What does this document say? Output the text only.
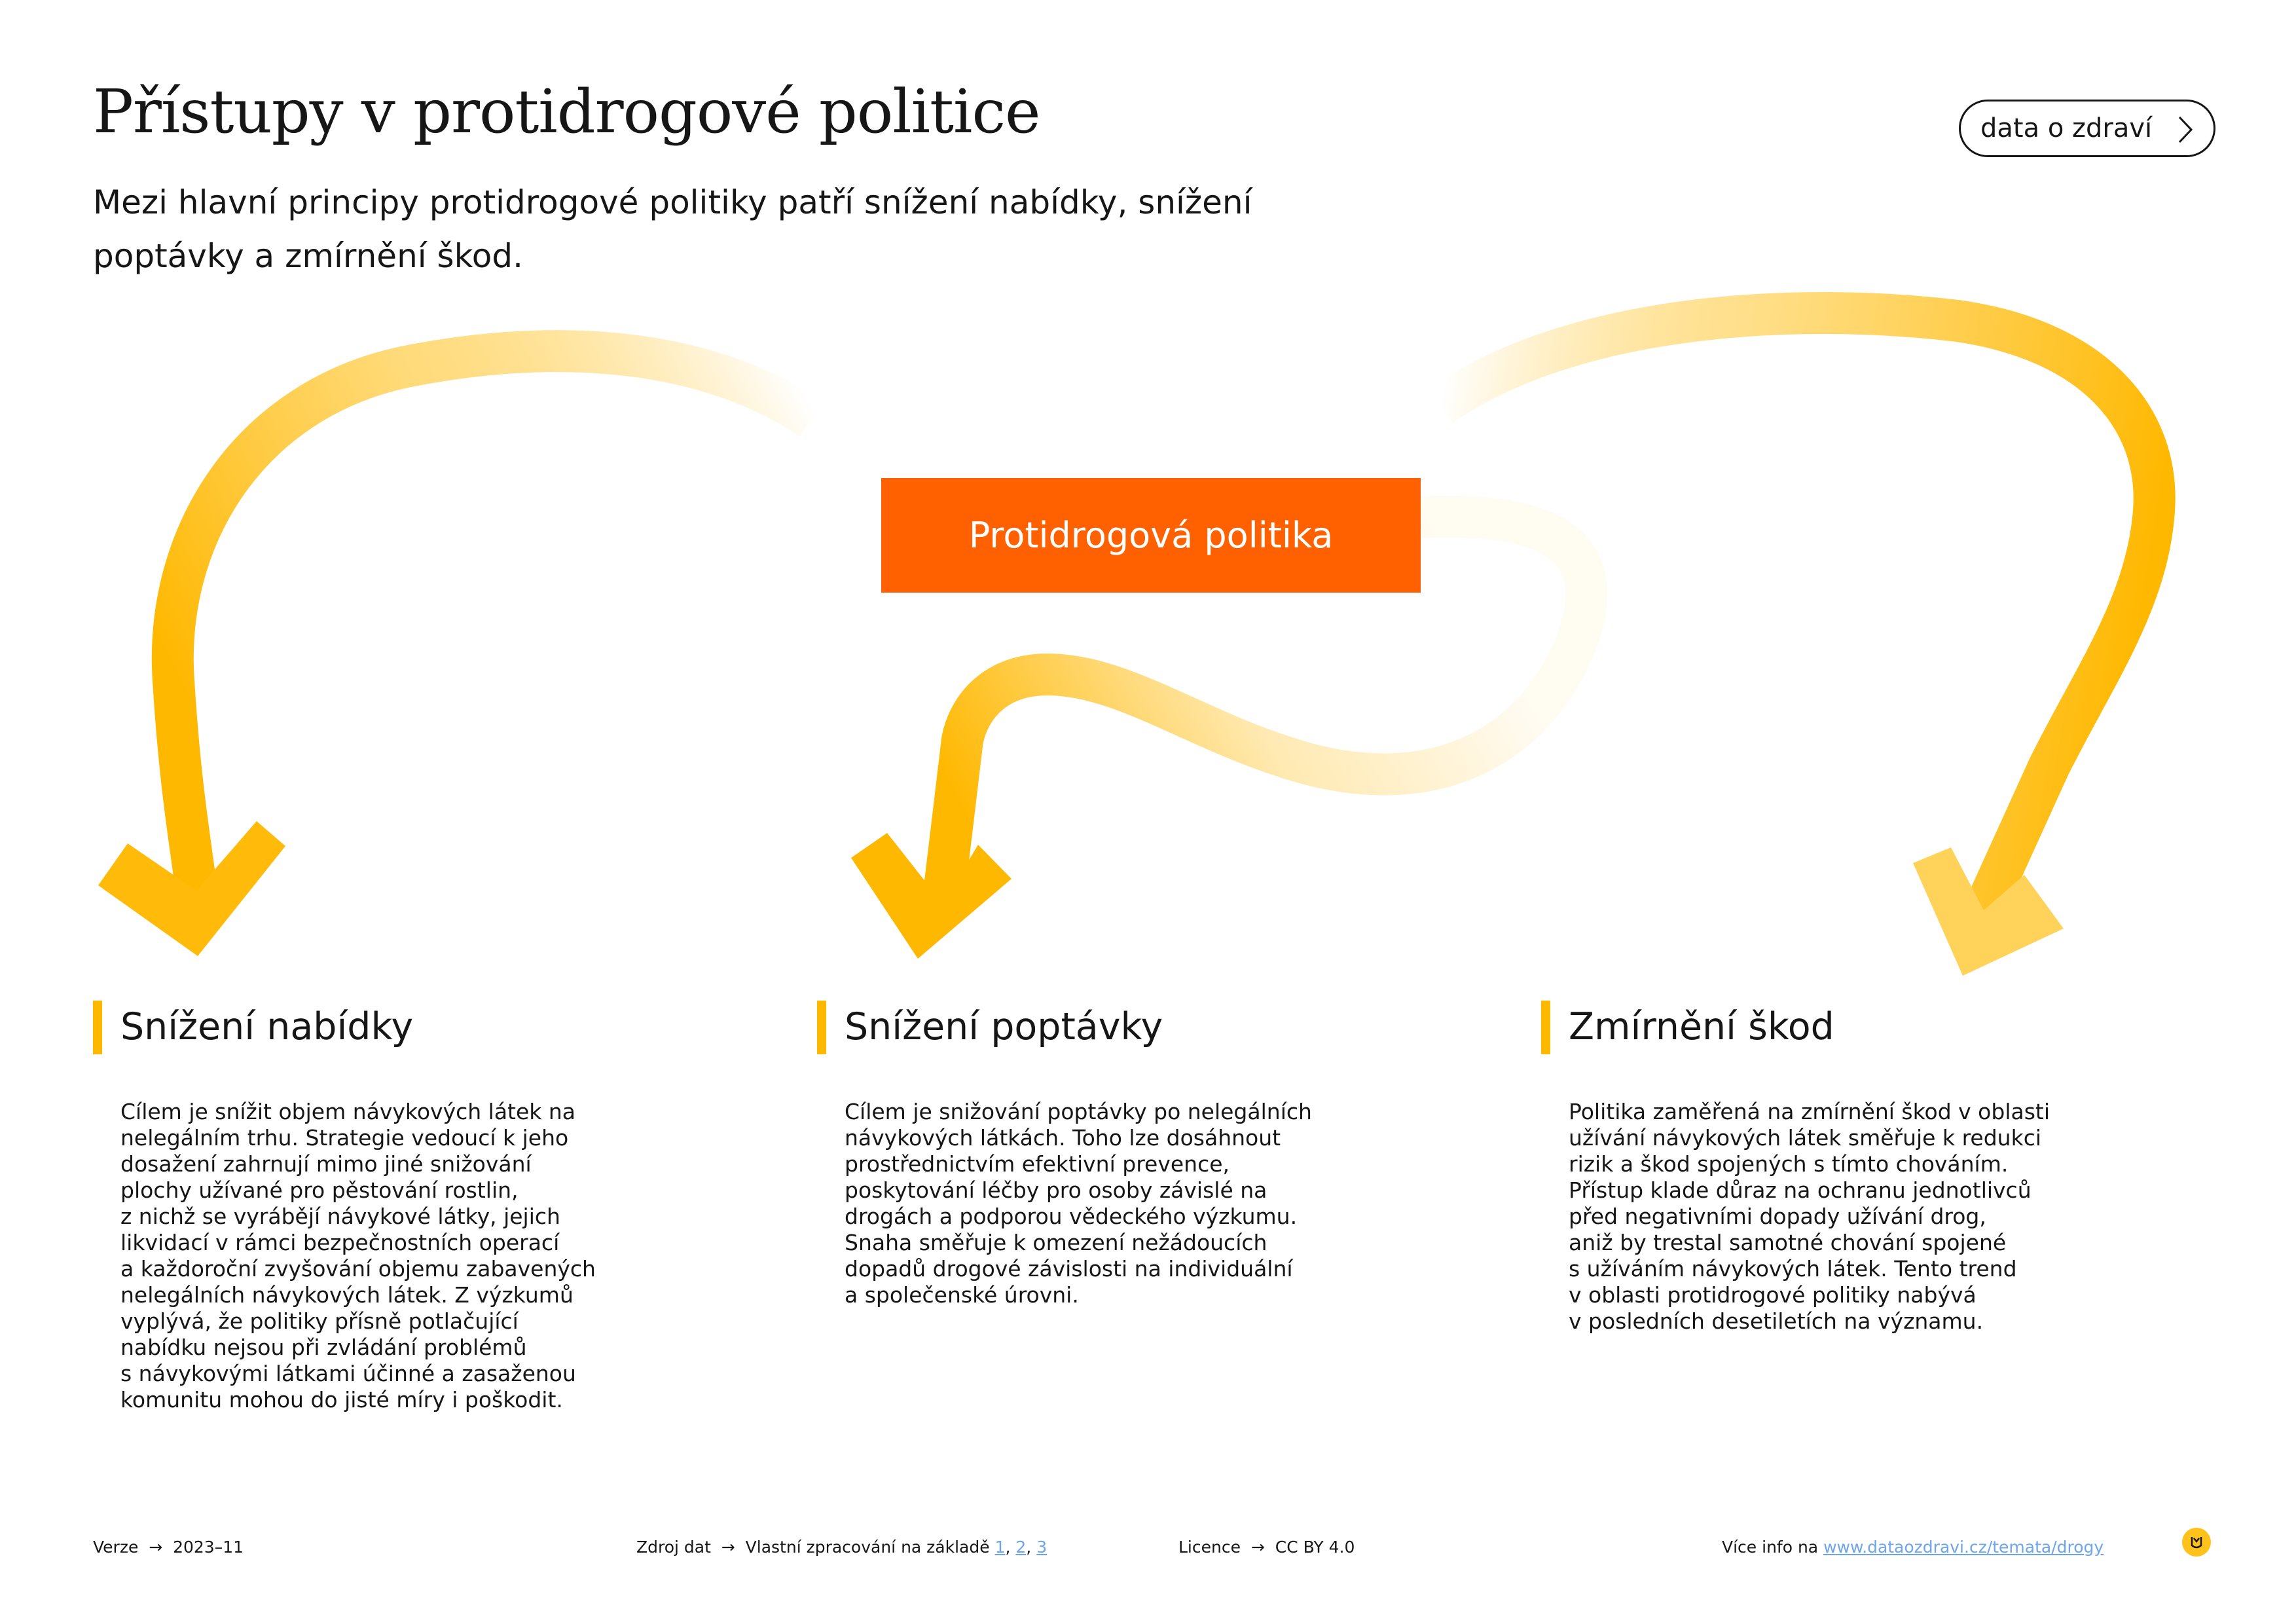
Přístupy v protidrogové politice

Mezi hlavní principy protidrogové politiky patří snížení nabídky, snížení poptávky a zmírnění škod.

data o zdraví
Protidrogová politika
Snížení nabídky

Cílem je snížit objem návykových látek na
nelegálním trhu. Strategie vedoucí k jeho
dosažení zahrnují mimo jiné snižování
plochy užívané pro pěstování rostlin,
z nichž se vyrábějí návykové látky, jejich
likvidací v rámci bezpečnostních operací
a každoroční zvyšování objemu zabavených
nelegálních návykových látek. Z výzkumů
vyplývá, že politiky přísně potlačující
nabídku nejsou při zvládání problémů
s návykovými látkami účinné a zasaženou
komunitu mohou do jisté míry i poškodit.

Snížení poptávky

Cílem je snižování poptávky po nelegálních
návykových látkách. Toho lze dosáhnout
prostřednictvím efektivní prevence,
poskytování léčby pro osoby závislé na
drogách a podporou vědeckého výzkumu.
Snaha směřuje k omezení nežádoucích
dopadů drogové závislosti na individuální
a společenské úrovni.

Zmírnění škod

Politika zaměřená na zmírnění škod v oblasti
užívání návykových látek směřuje k redukci
rizik a škod spojených s tímto chováním.
Přístup klade důraz na ochranu jednotlivců
před negativními dopady užívání drog,
aniž by trestal samotné chování spojené
s užíváním návykových látek. Tento trend
v oblasti protidrogové politiky nabývá
v posledních desetiletích na významu.

Verze  →  2023–11	Zdroj dat  →  Vlastní zpracování na základě 1, 2, 3	Licence  →  CC BY 4.0	Více info na www.dataozdravi.cz/temata/drogy
